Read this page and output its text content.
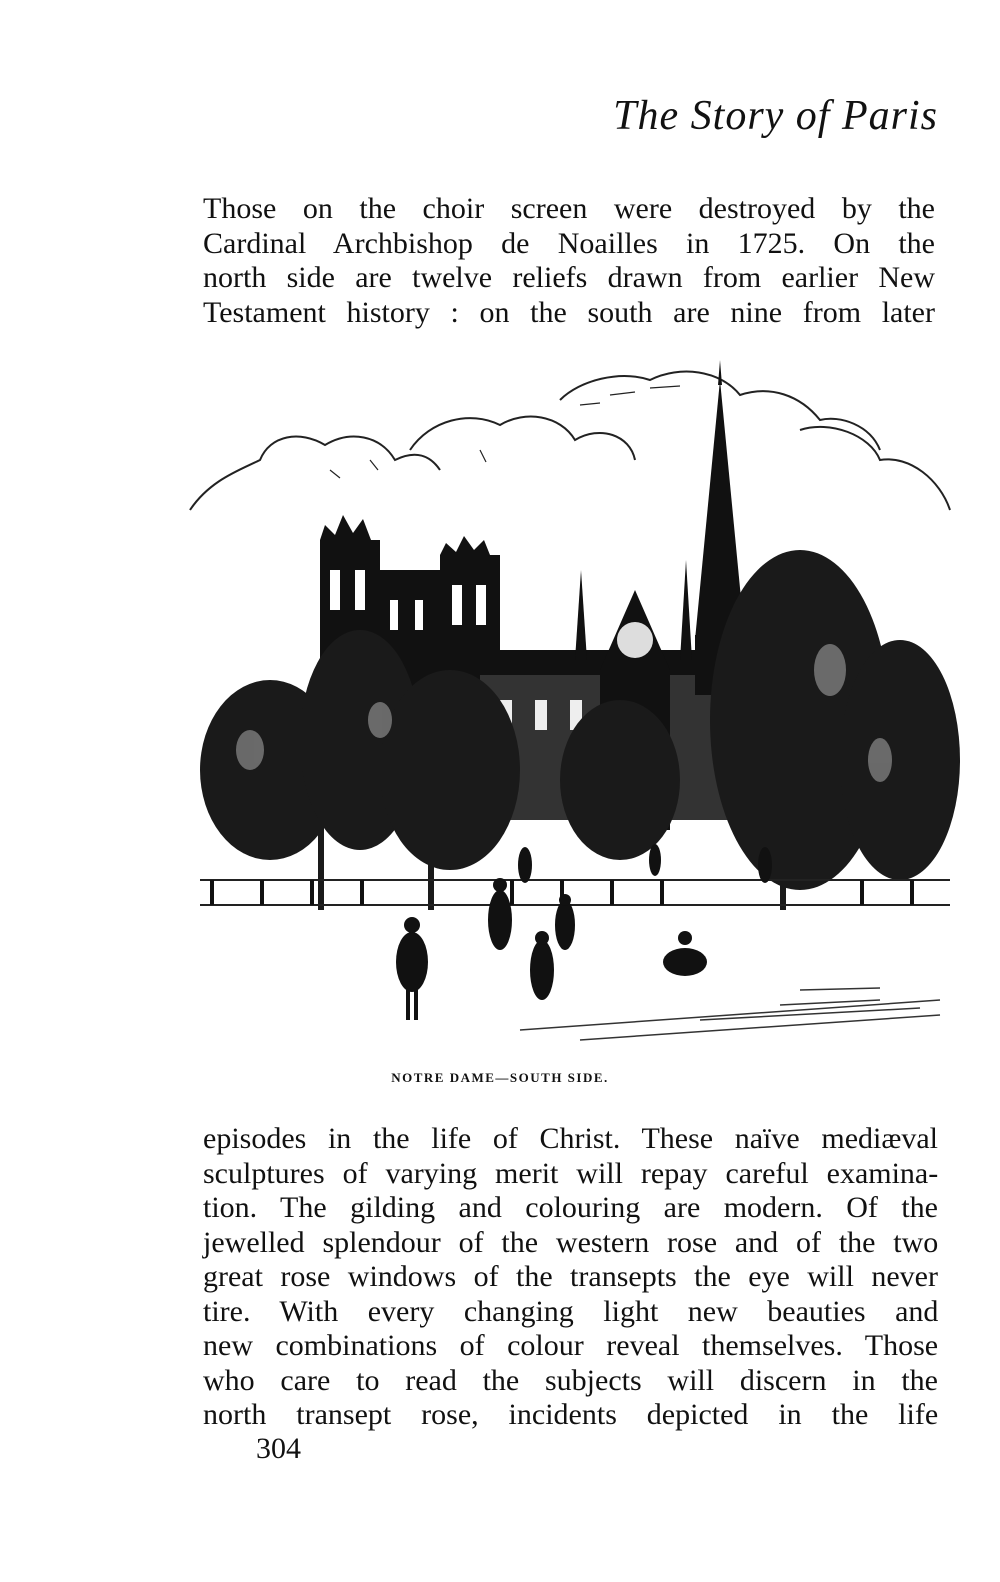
The Story of Paris
Those on the choir screen were destroyed by the
Cardinal Archbishop de Noailles in 1725. On the
north side are twelve reliefs drawn from earlier New
Testament history : on the south are nine from later
NOTRE DAME—SOUTH SIDE.
episodes in the life of Christ. These naïve mediæval
sculptures of varying merit will repay careful examina-
tion. The gilding and colouring are modern. Of the
jewelled splendour of the western rose and of the two
great rose windows of the transepts the eye will never
tire. With every changing light new beauties and
new combinations of colour reveal themselves. Those
who care to read the subjects will discern in the
north transept rose, incidents depicted in the life
304
